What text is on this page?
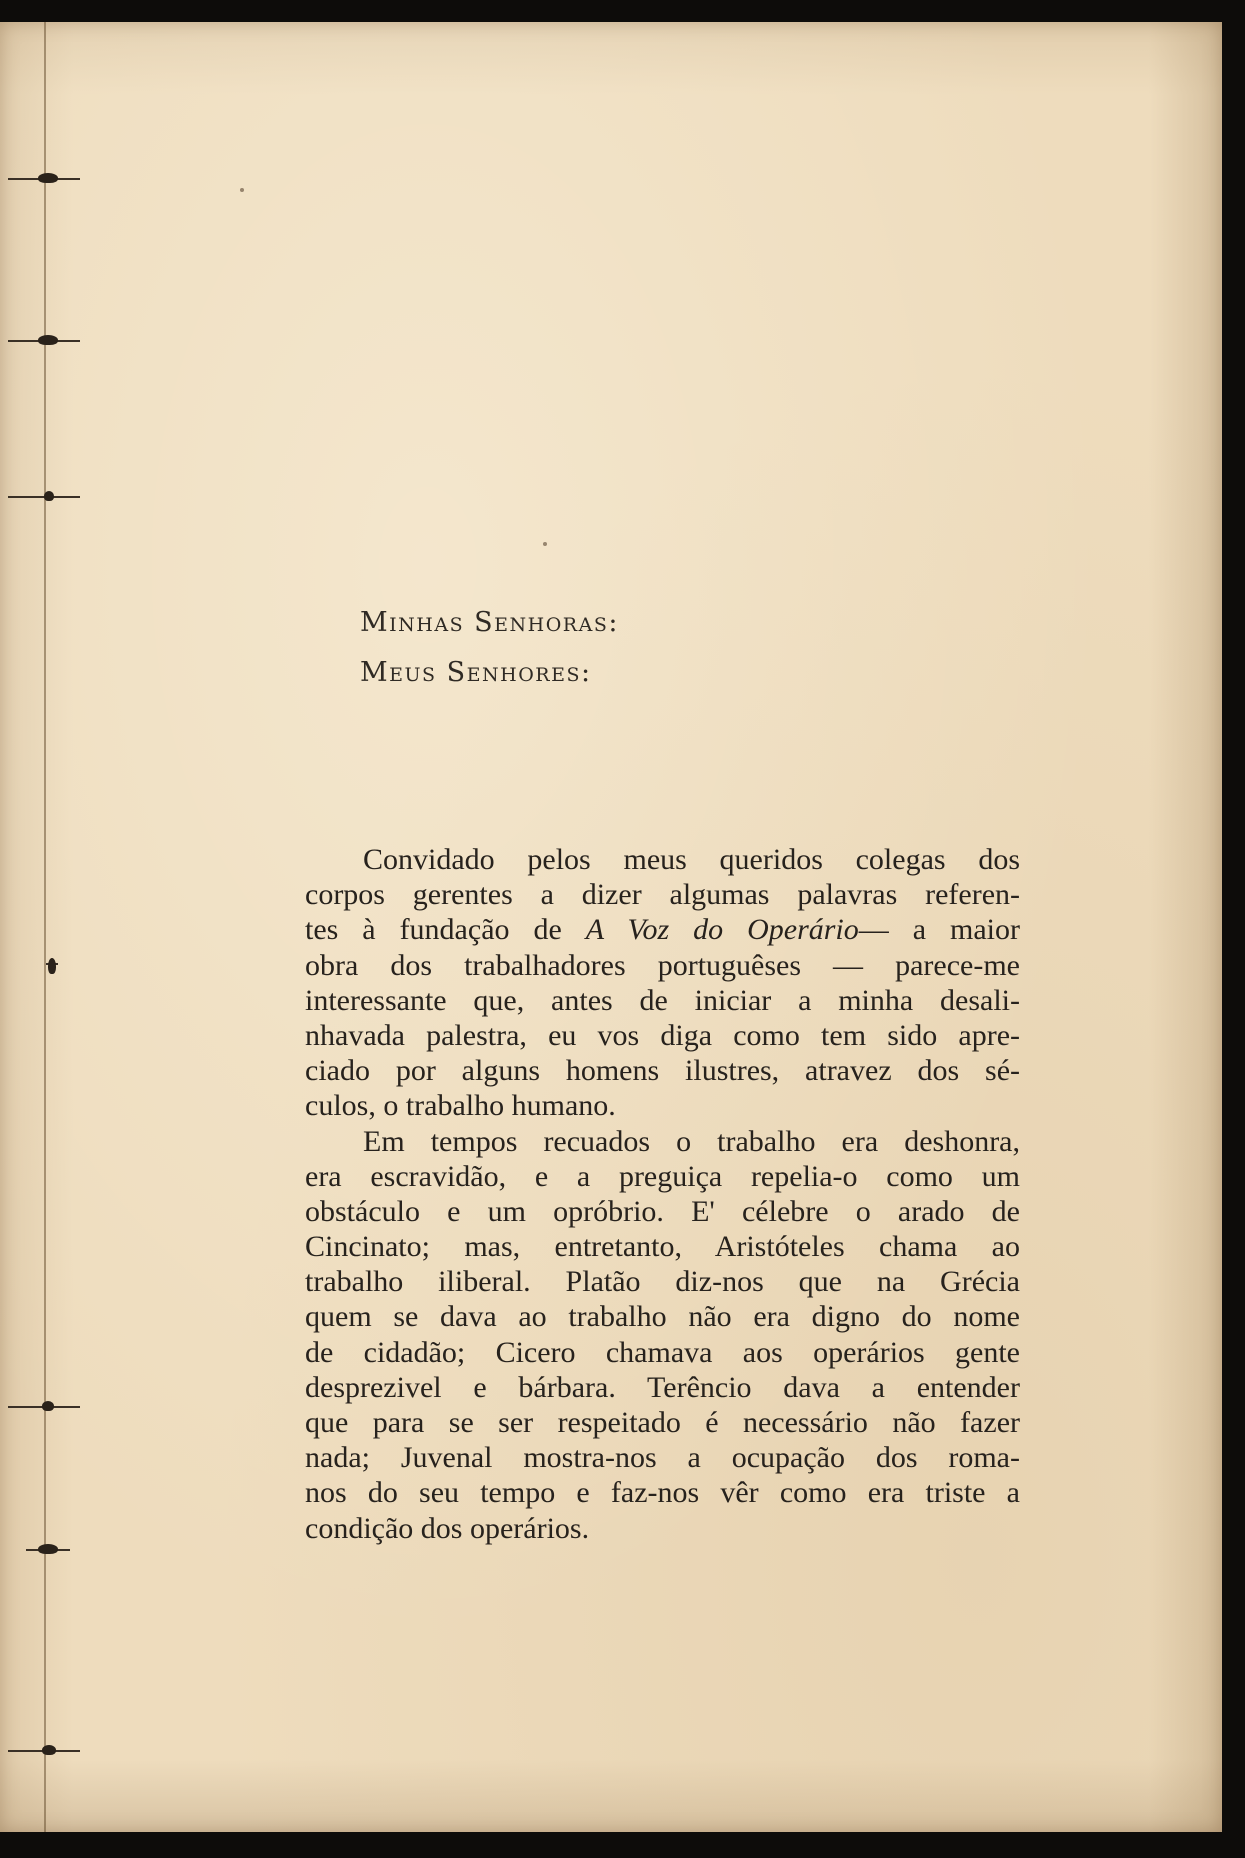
Minhas Senhoras:
Meus Senhores:
Convidado pelos meus queridos colegas dos
corpos gerentes a dizer algumas palavras referen-
tes à fundação de A Voz do Operário— a maior
obra dos trabalhadores portuguêses — parece-me
interessante que, antes de iniciar a minha desali-
nhavada palestra, eu vos diga como tem sido apre-
ciado por alguns homens ilustres, atravez dos sé-
culos, o trabalho humano.
Em tempos recuados o trabalho era deshonra,
era escravidão, e a preguiça repelia-o como um
obstáculo e um opróbrio. E' célebre o arado de
Cincinato; mas, entretanto, Aristóteles chama ao
trabalho iliberal. Platão diz-nos que na Grécia
quem se dava ao trabalho não era digno do nome
de cidadão; Cicero chamava aos operários gente
desprezivel e bárbara. Terêncio dava a entender
que para se ser respeitado é necessário não fazer
nada; Juvenal mostra-nos a ocupação dos roma-
nos do seu tempo e faz-nos vêr como era triste a
condição dos operários.
